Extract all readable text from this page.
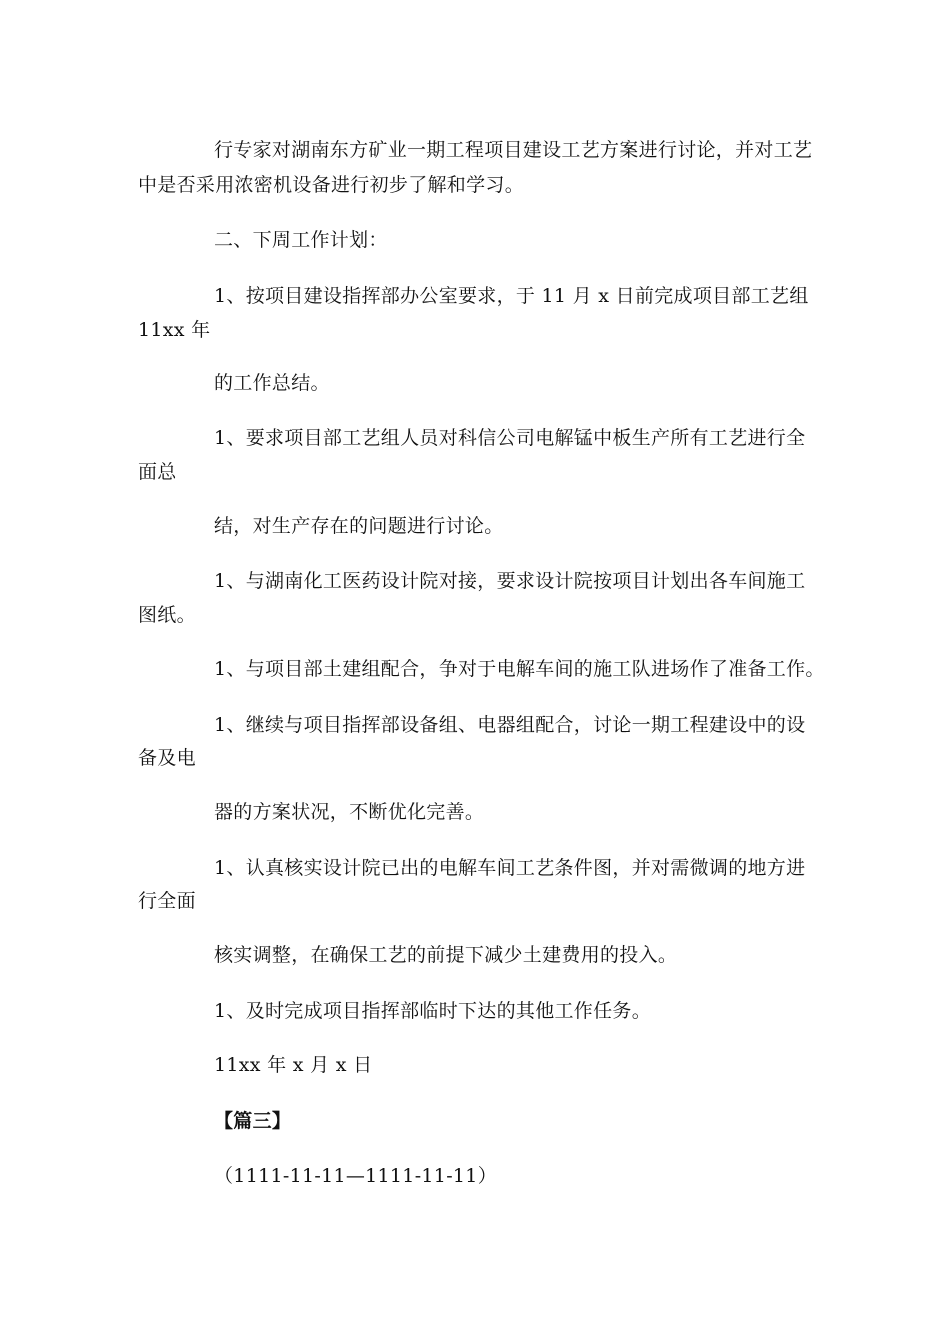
行专家对湖南东方矿业一期工程项目建设工艺方案进行讨论，并对工艺
中是否采用浓密机设备进行初步了解和学习。
二、下周工作计划：
1、按项目建设指挥部办公室要求，于 11 月 x 日前完成项目部工艺组
11xx 年
的工作总结。
1、要求项目部工艺组人员对科信公司电解锰中板生产所有工艺进行全
面总
结，对生产存在的问题进行讨论。
1、与湖南化工医药设计院对接，要求设计院按项目计划出各车间施工
图纸。
1、与项目部土建组配合，争对于电解车间的施工队进场作了准备工作。
1、继续与项目指挥部设备组、电器组配合，讨论一期工程建设中的设
备及电
器的方案状况，不断优化完善。
1、认真核实设计院已出的电解车间工艺条件图，并对需微调的地方进
行全面
核实调整，在确保工艺的前提下减少土建费用的投入。
1、及时完成项目指挥部临时下达的其他工作任务。
11xx 年 x 月 x 日
【篇三】
（1111-11-11—1111-11-11）
